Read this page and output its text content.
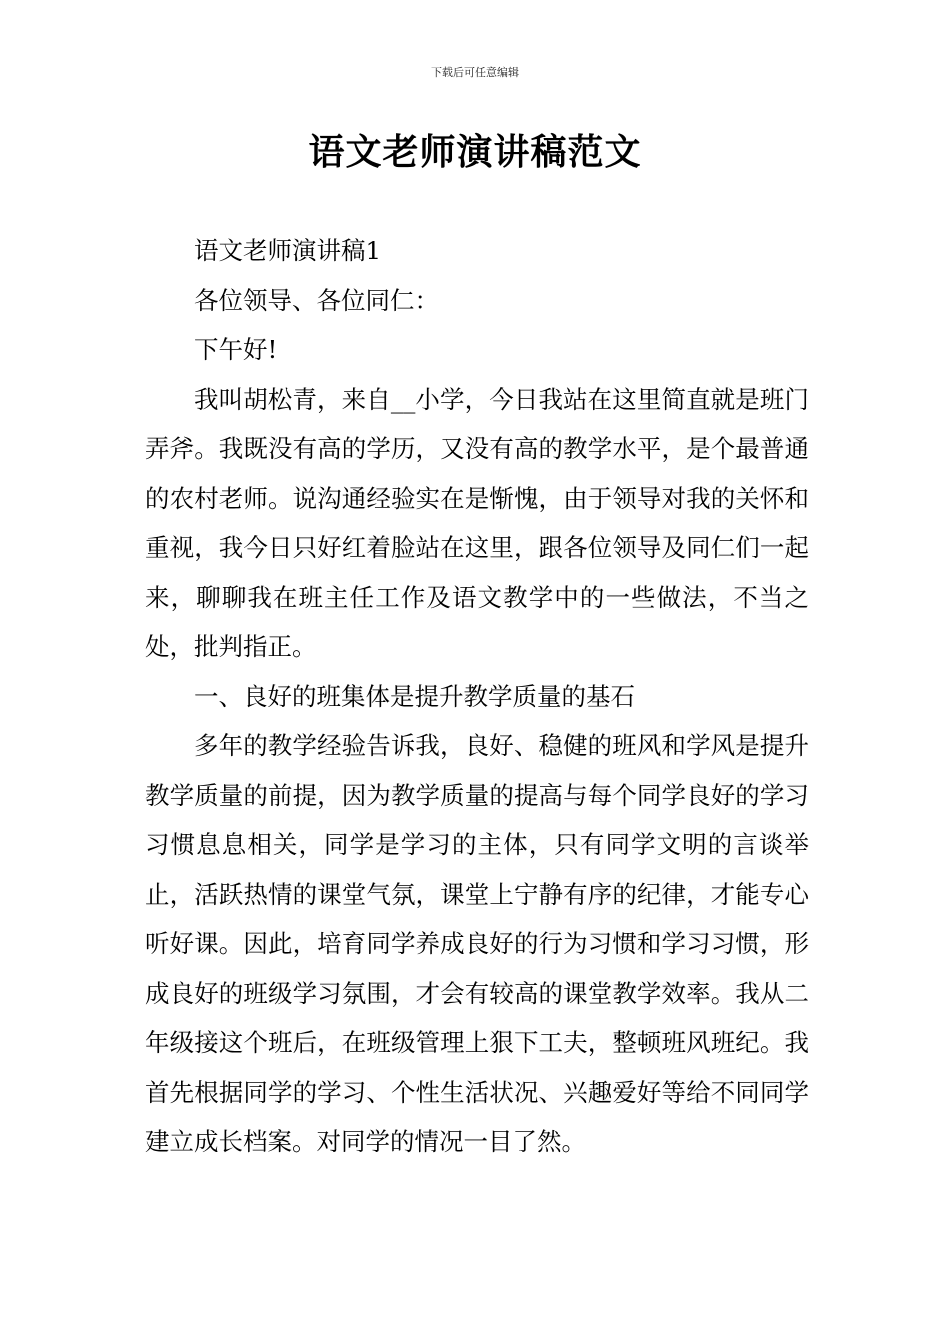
下载后可任意编辑
语文老师演讲稿范文

语文老师演讲稿1

各位领导、各位同仁：

下午好!

我叫胡松青，来自__小学，今日我站在这里简直就是班门弄斧。我既没有高的学历，又没有高的教学水平，是个最普通的农村老师。说沟通经验实在是惭愧，由于领导对我的关怀和重视，我今日只好红着脸站在这里，跟各位领导及同仁们一起来，聊聊我在班主任工作及语文教学中的一些做法，不当之处，批判指正。

一、良好的班集体是提升教学质量的基石

多年的教学经验告诉我，良好、稳健的班风和学风是提升教学质量的前提，因为教学质量的提高与每个同学良好的学习习惯息息相关，同学是学习的主体，只有同学文明的言谈举止，活跃热情的课堂气氛，课堂上宁静有序的纪律，才能专心听好课。因此，培育同学养成良好的行为习惯和学习习惯，形成良好的班级学习氛围，才会有较高的课堂教学效率。我从二年级接这个班后，在班级管理上狠下工夫，整顿班风班纪。我首先根据同学的学习、个性生活状况、兴趣爱好等给不同同学建立成长档案。对同学的情况一目了然。
